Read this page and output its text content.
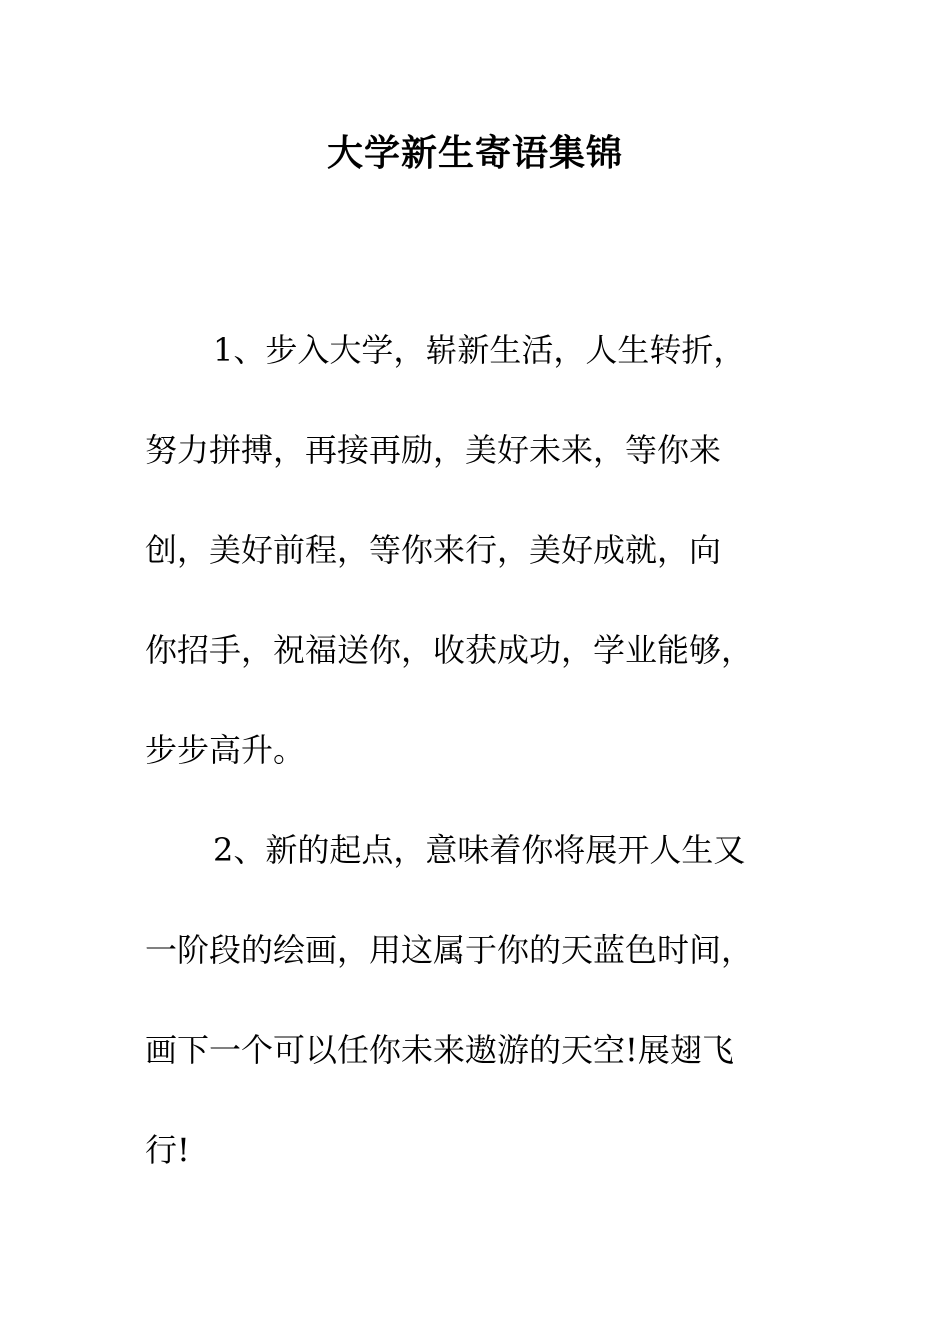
大学新生寄语集锦
1、步入大学，崭新生活，人生转折，
努力拼搏，再接再励，美好未来，等你来
创，美好前程，等你来行，美好成就，向
你招手，祝福送你，收获成功，学业能够，
步步高升。
2、新的起点，意味着你将展开人生又
一阶段的绘画，用这属于你的天蓝色时间，
画下一个可以任你未来遨游的天空!展翅飞
行!
